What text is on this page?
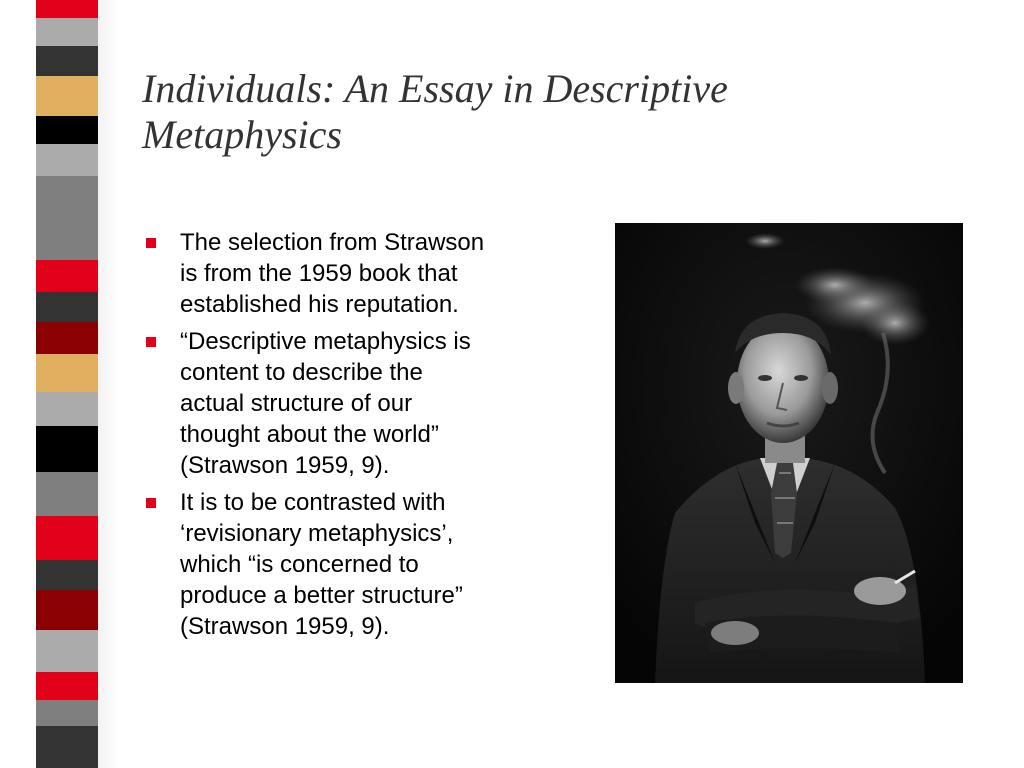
Individuals: An Essay in Descriptive
Metaphysics
The selection from Strawson
is from the 1959 book that
established his reputation.
“Descriptive metaphysics is
content to describe the
actual structure of our
thought about the world”
(Strawson 1959, 9).
It is to be contrasted with
‘revisionary metaphysics’,
which “is concerned to
produce a better structure”
(Strawson 1959, 9).
